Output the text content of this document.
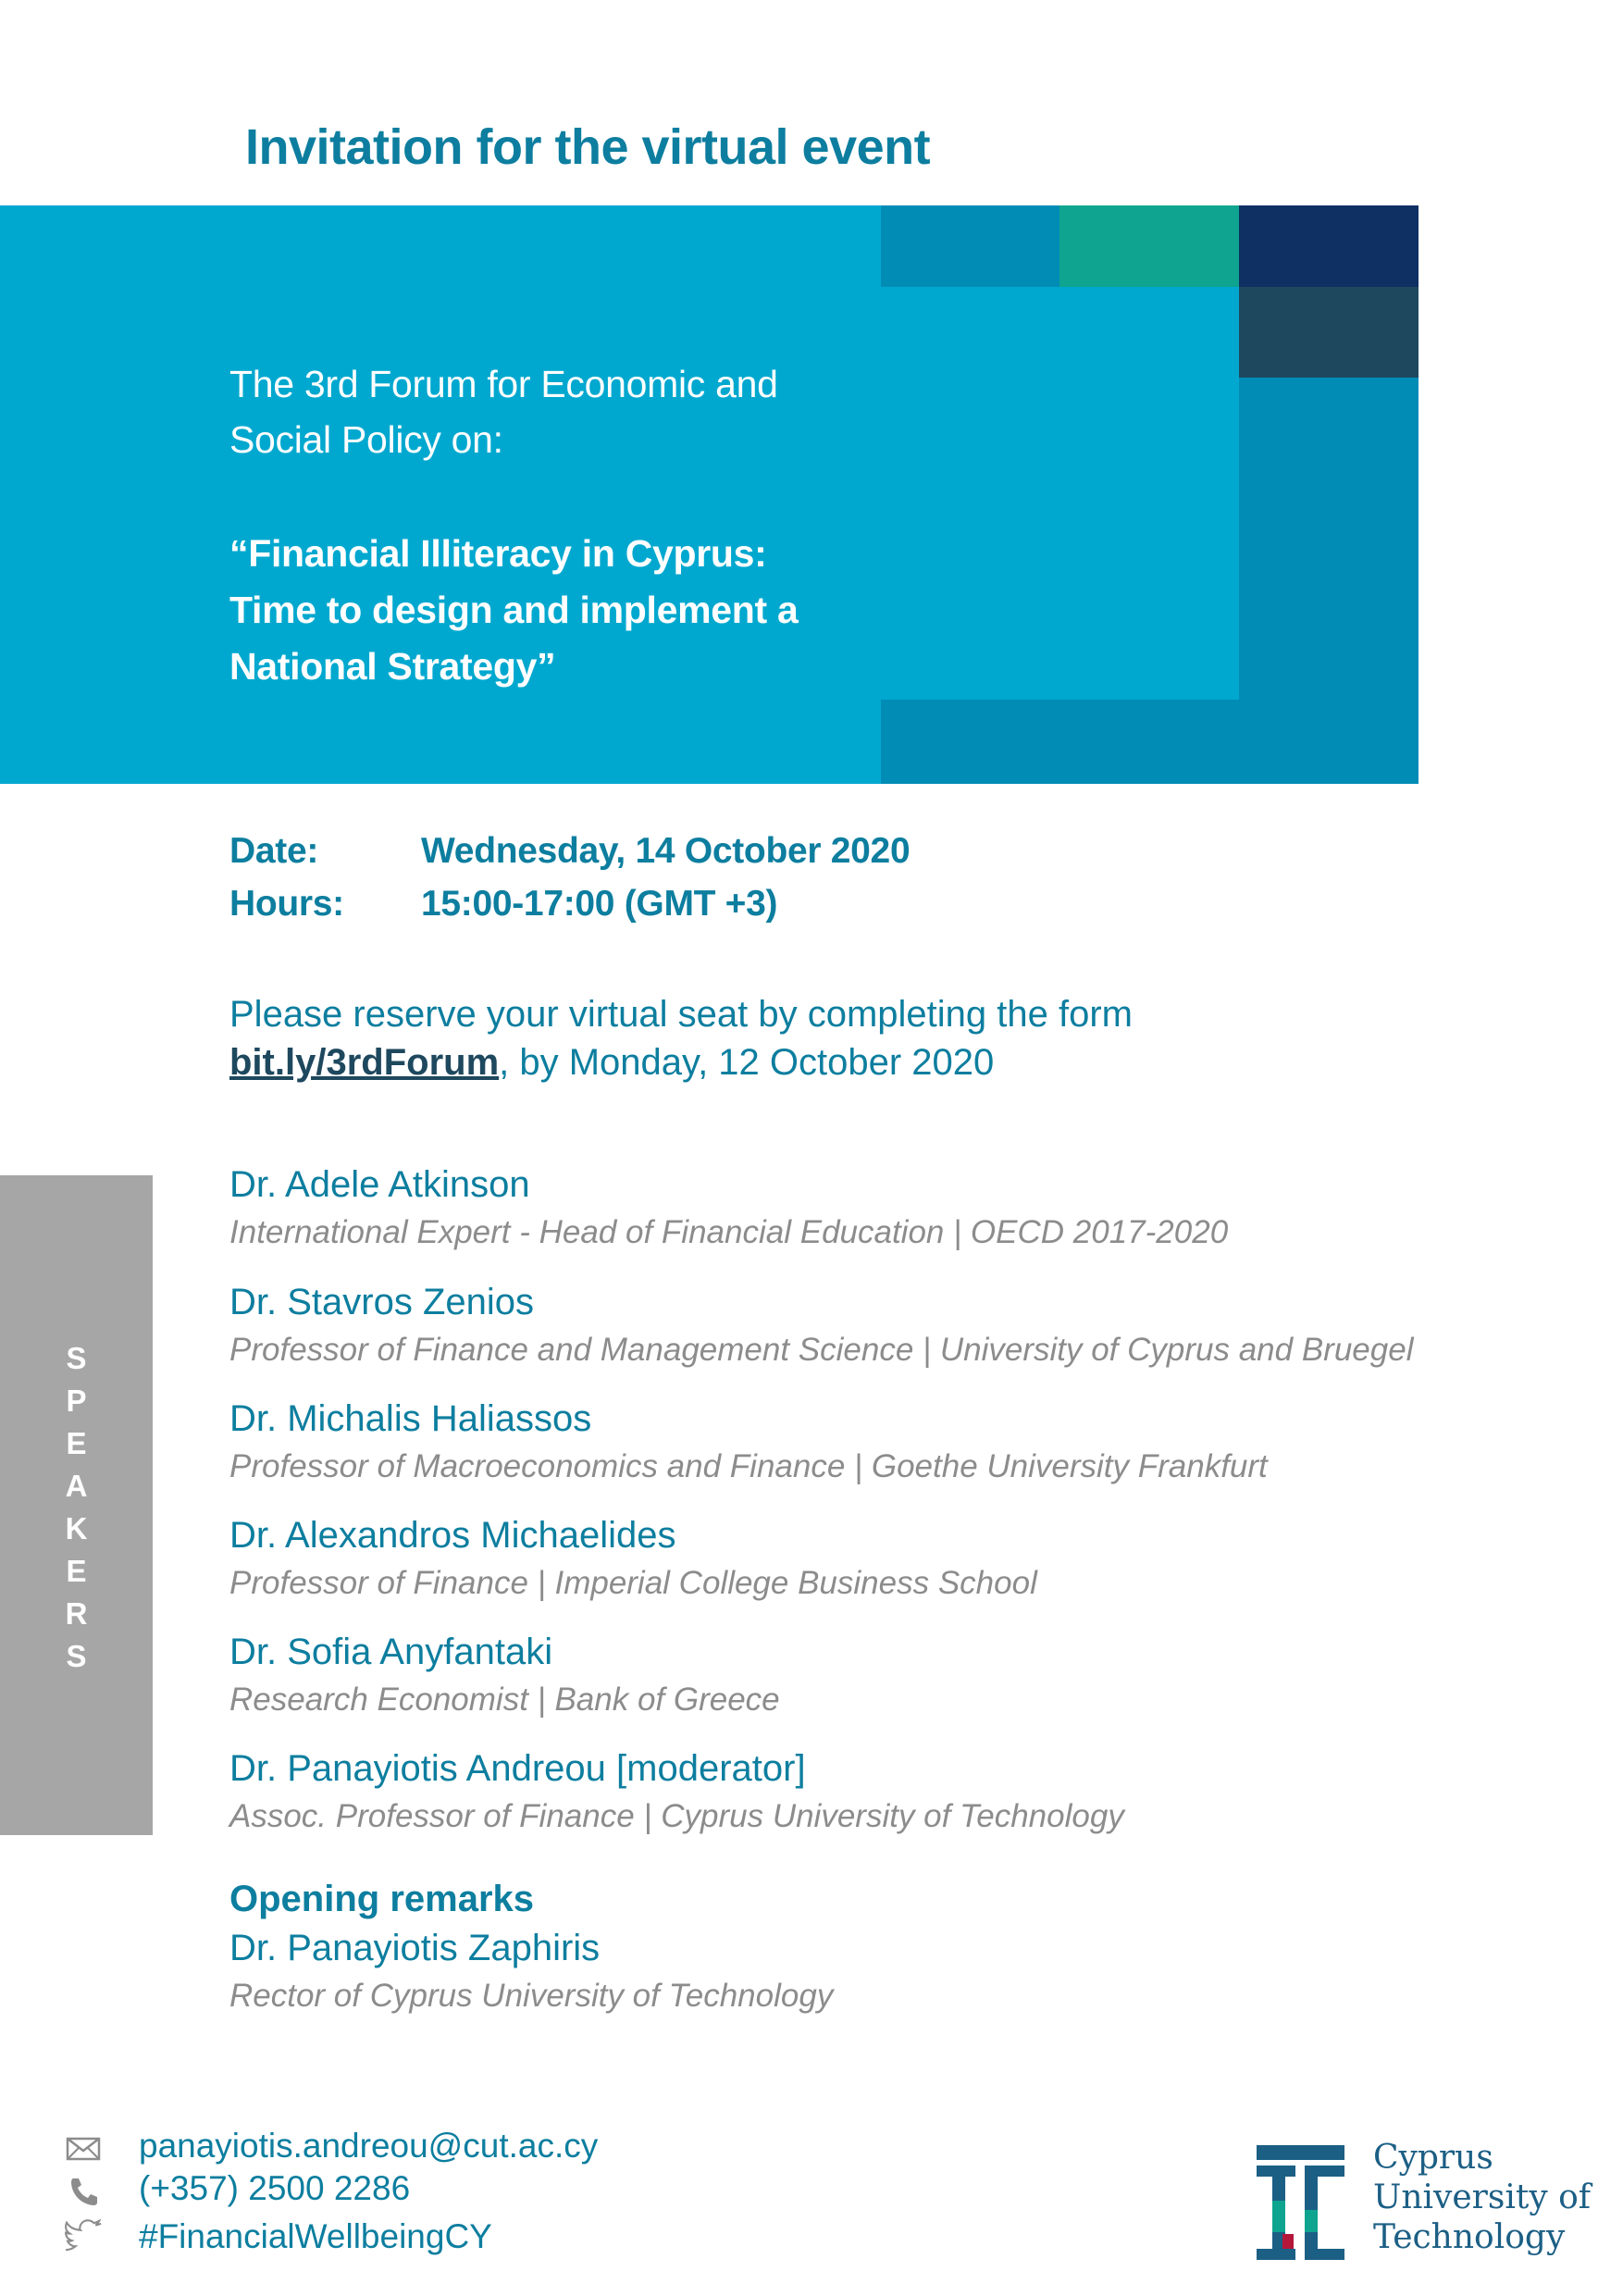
Invitation for the virtual event
The 3rd Forum for Economic and
Social Policy on:
“Financial Illiteracy in Cyprus:
Time to design and implement a
National Strategy”
Date:	Wednesday, 14 October 2020
Hours: 15:00-17:00 (GMT +3)
Please reserve your virtual seat by completing the form
bit.ly/3rdForum, by Monday, 12 October 2020
S
P
E
A
K
E
R
S
Dr. Adele Atkinson
International Expert - Head of Financial Education | OECD 2017-2020
Dr. Stavros Zenios
Professor of Finance and Management Science | University of Cyprus and Bruegel
Dr. Michalis Haliassos
Professor of Macroeconomics and Finance | Goethe University Frankfurt
Dr. Alexandros Michaelides
Professor of Finance | Imperial College Business School
Dr. Sofia Anyfantaki
Research Economist | Bank of Greece
Dr. Panayiotis Andreou [moderator]
Assoc. Professor of Finance | Cyprus University of Technology
Opening remarks
Dr. Panayiotis Zaphiris
Rector of Cyprus University of Technology
panayiotis.andreou@cut.ac.cy
(+357) 2500 2286
#FinancialWellbeingCY
Cyprus
University of
Technology
